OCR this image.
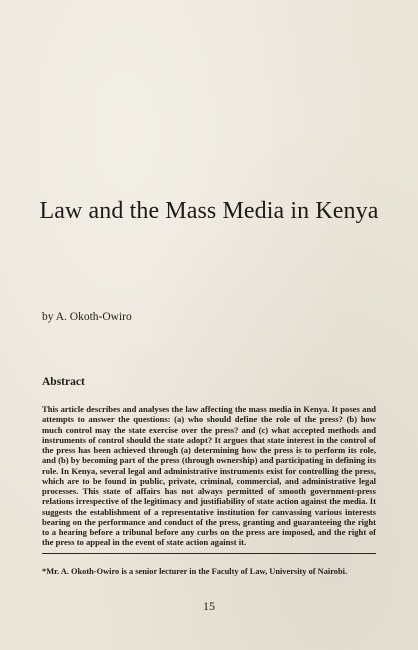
Law and the Mass Media in Kenya

by A. Okoth-Owiro

Abstract

This article describes and analyses the law affecting the mass media in Kenya. It poses and attempts to answer the questions: (a) who should define the role of the press? (b) how much control may the state exercise over the press? and (c) what accepted methods and instruments of control should the state adopt? It argues that state interest in the control of the press has been achieved through (a) determining how the press is to perform its role, and (b) by becoming part of the press (through ownership) and participating in defining its role. In Kenya, several legal and administrative instruments exist for controlling the press, which are to be found in public, private, criminal, commercial, and administrative legal processes. This state of affairs has not always permitted of smooth government-press relations irrespective of the legitimacy and justifiability of state action against the media. It suggests the establishment of a representative institution for canvassing various interests bearing on the performance and conduct of the press, granting and guaranteeing the right to a hearing before a tribunal before any curbs on the press are imposed, and the right of the press to appeal in the event of state action against it.

*Mr. A. Okoth-Owiro is a senior lecturer in the Faculty of Law, University of Nairobi.

15
